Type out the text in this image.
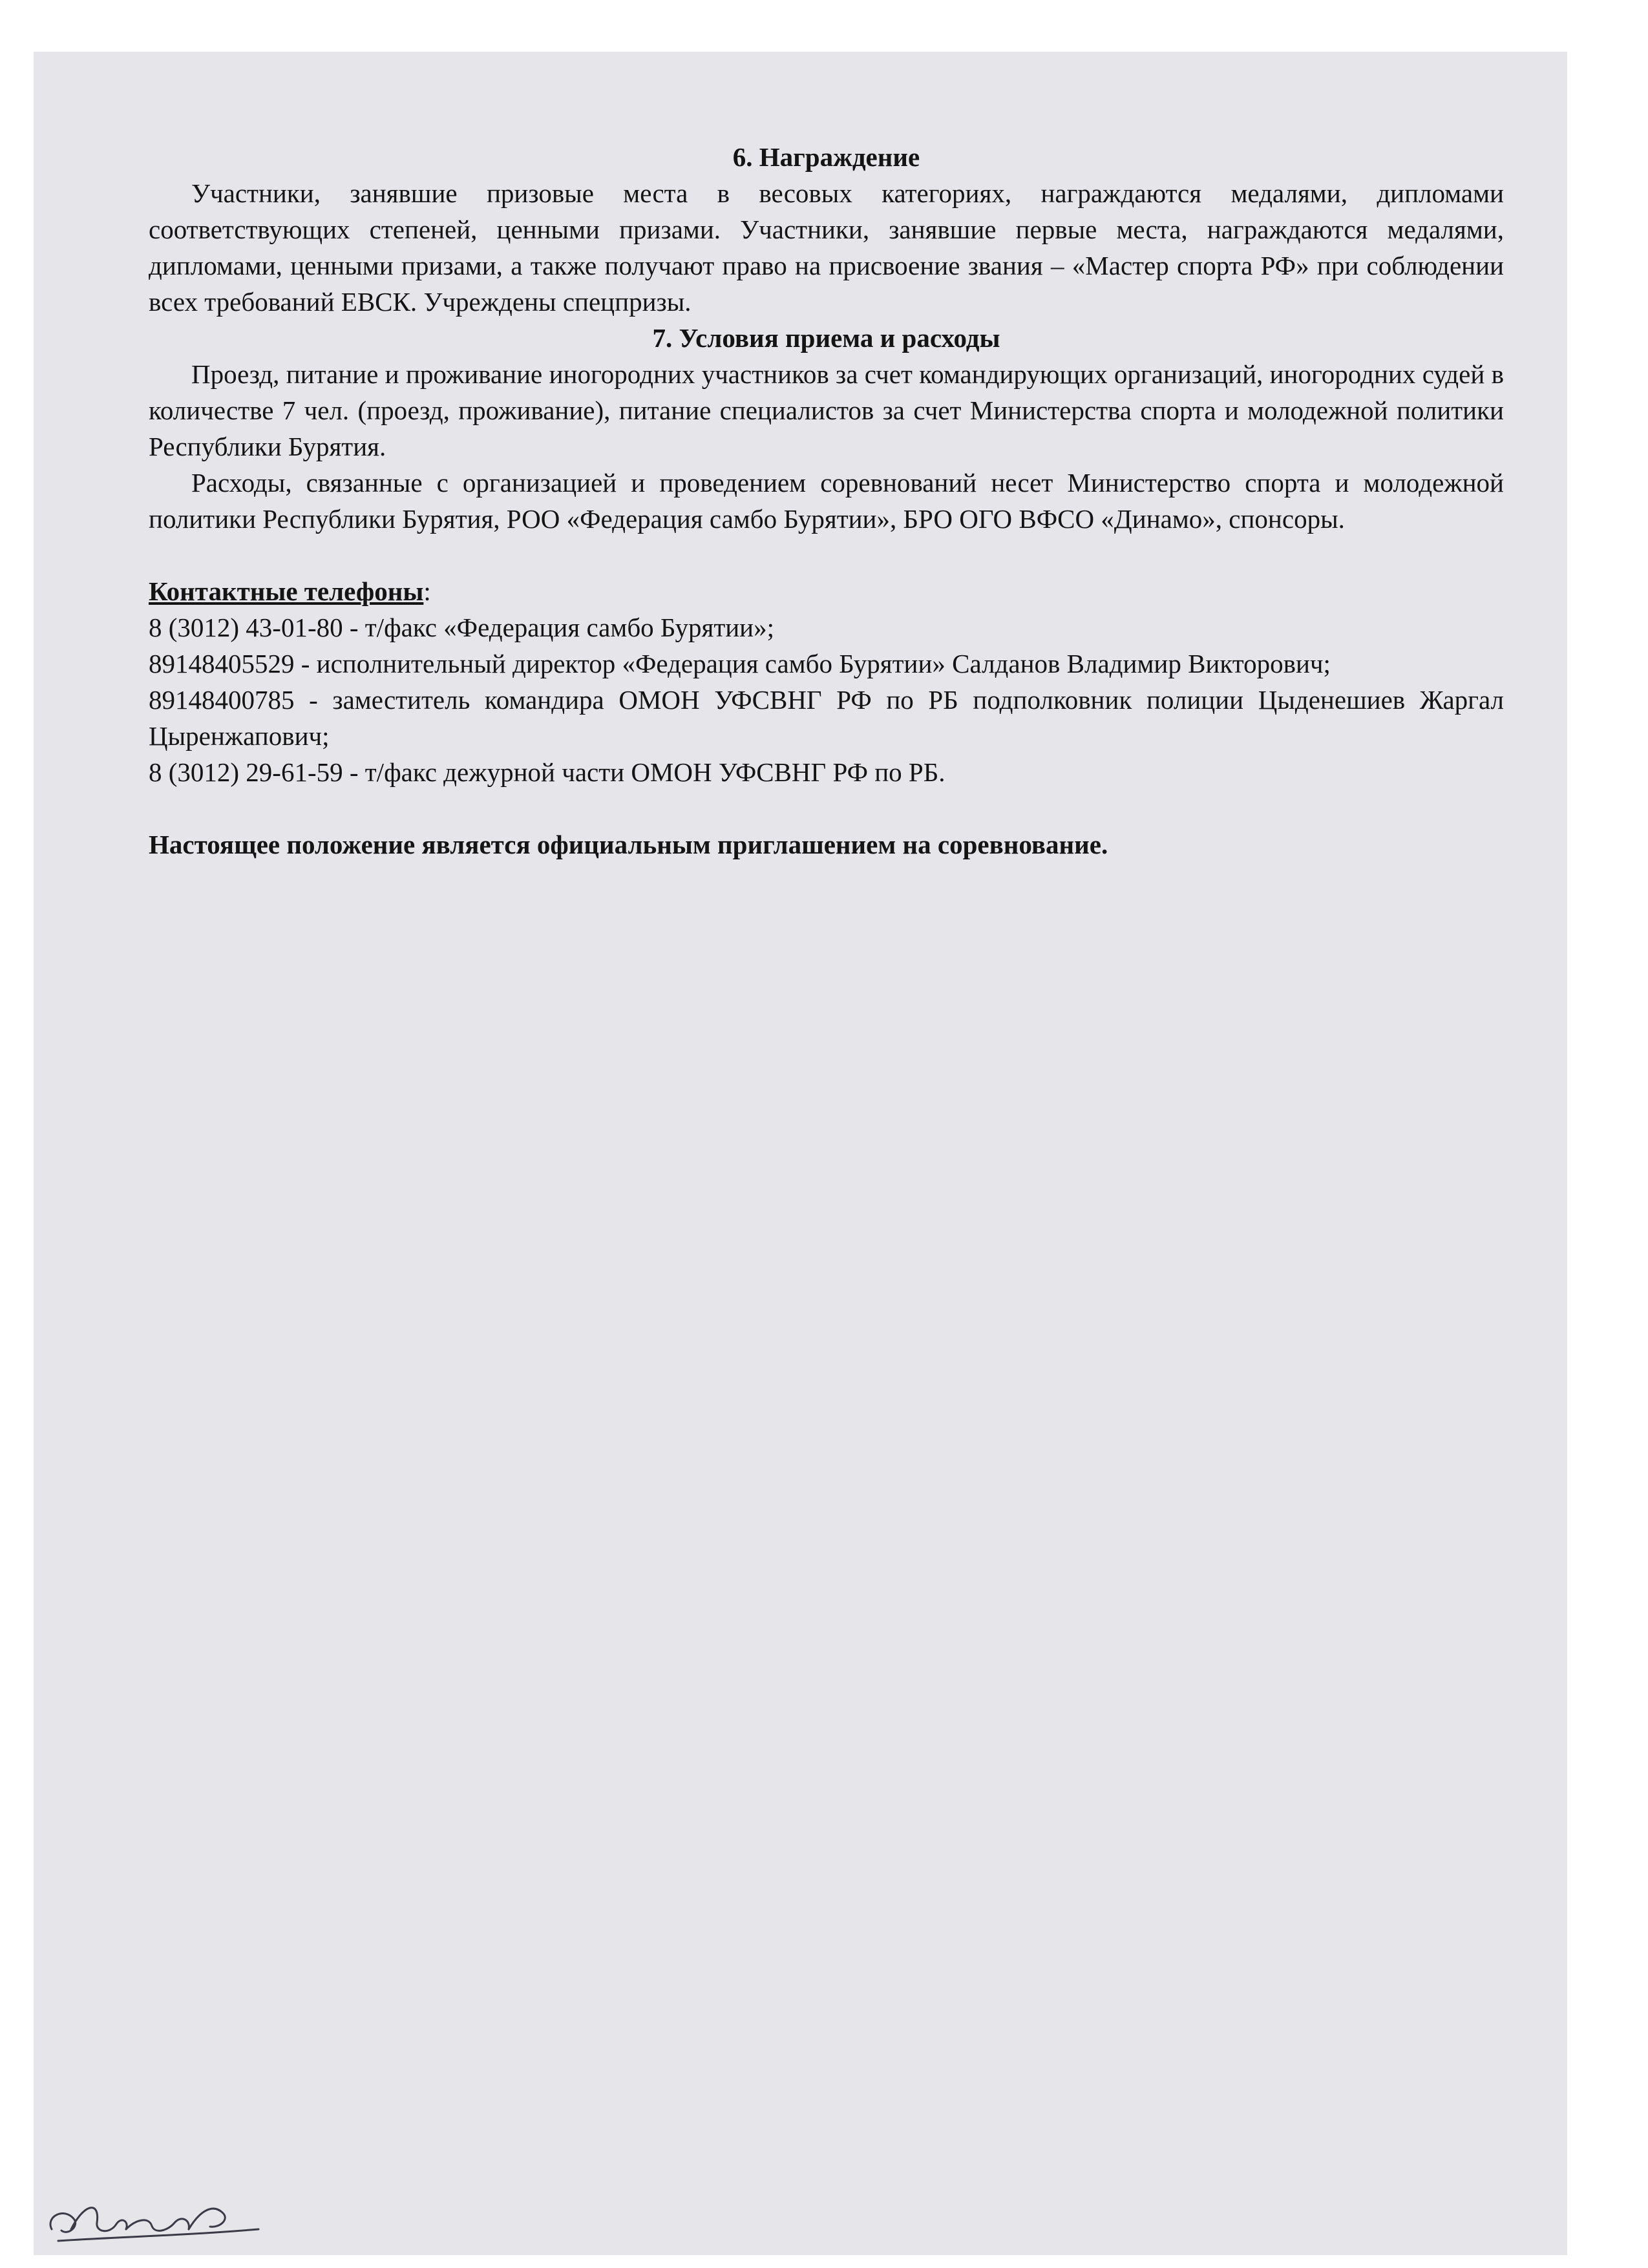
6. Награждение

Участники, занявшие призовые места в весовых категориях, награждаются медалями, дипломами соответствующих степеней, ценными призами. Участники, занявшие первые места, награждаются медалями, дипломами, ценными призами, а также получают право на присвоение звания – «Мастер спорта РФ» при соблюдении всех требований ЕВСК. Учреждены спецпризы.

7. Условия приема и расходы

Проезд, питание и проживание иногородних участников за счет командирующих организаций, иногородних судей в количестве 7 чел. (проезд, проживание), питание специалистов за счет Министерства спорта и молодежной политики Республики Бурятия.

Расходы, связанные с организацией и проведением соревнований несет Министерство спорта и молодежной политики Республики Бурятия, РОО «Федерация самбо Бурятии», БРО ОГО ВФСО «Динамо», спонсоры.

Контактные телефоны:

8 (3012) 43-01-80 - т/факс «Федерация самбо Бурятии»;

89148405529 - исполнительный директор «Федерация самбо Бурятии» Салданов Владимир Викторович;

89148400785 - заместитель командира ОМОН УФСВНГ РФ по РБ подполковник полиции Цыденешиев Жаргал Цыренжапович;

8 (3012) 29-61-59 - т/факс дежурной части ОМОН УФСВНГ РФ по РБ.

Настоящее положение является официальным приглашением на соревнование.
